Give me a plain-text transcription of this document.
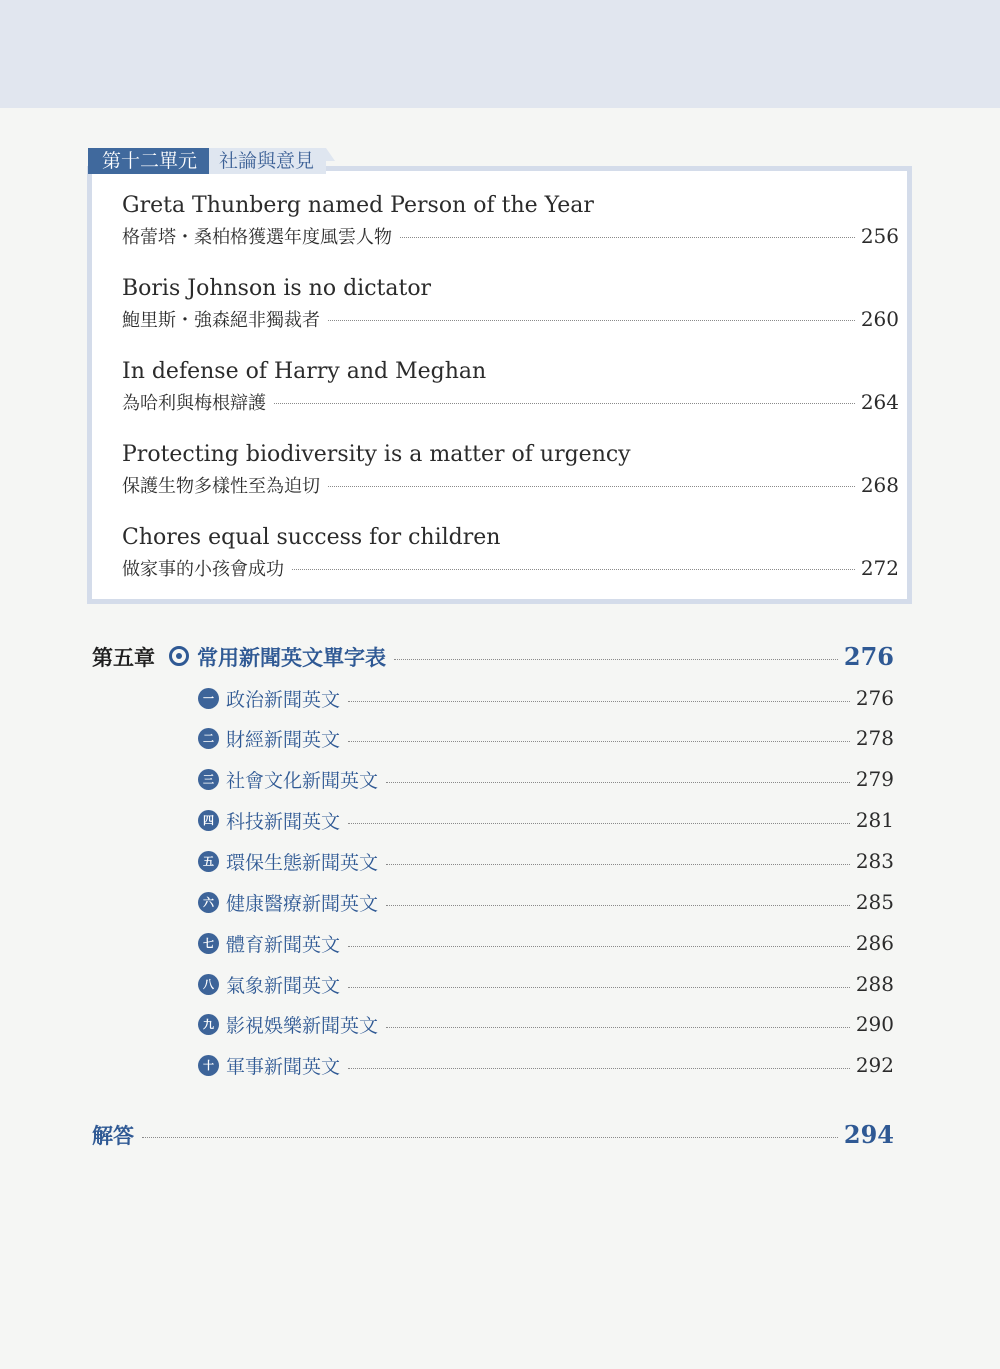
Greta Thunberg named Person of the Year
格蕾塔・桑柏格獲選年度風雲人物	256
Boris Johnson is no dictator
鮑里斯・強森絕非獨裁者	260
In defense of Harry and Meghan
為哈利與梅根辯護	264
Protecting biodiversity is a matter of urgency
保護生物多樣性至為迫切	268
Chores equal success for children
做家事的小孩會成功	272
第十二單元	社論與意見
第五章 常用新聞英文單字表	276
一 政治新聞英文	276
二 財經新聞英文	278
三 社會文化新聞英文	279
四 科技新聞英文	281
五 環保生態新聞英文	283
六 健康醫療新聞英文	285
七 體育新聞英文	286
八 氣象新聞英文	288
九 影視娛樂新聞英文	290
十 軍事新聞英文	292
解答	294
